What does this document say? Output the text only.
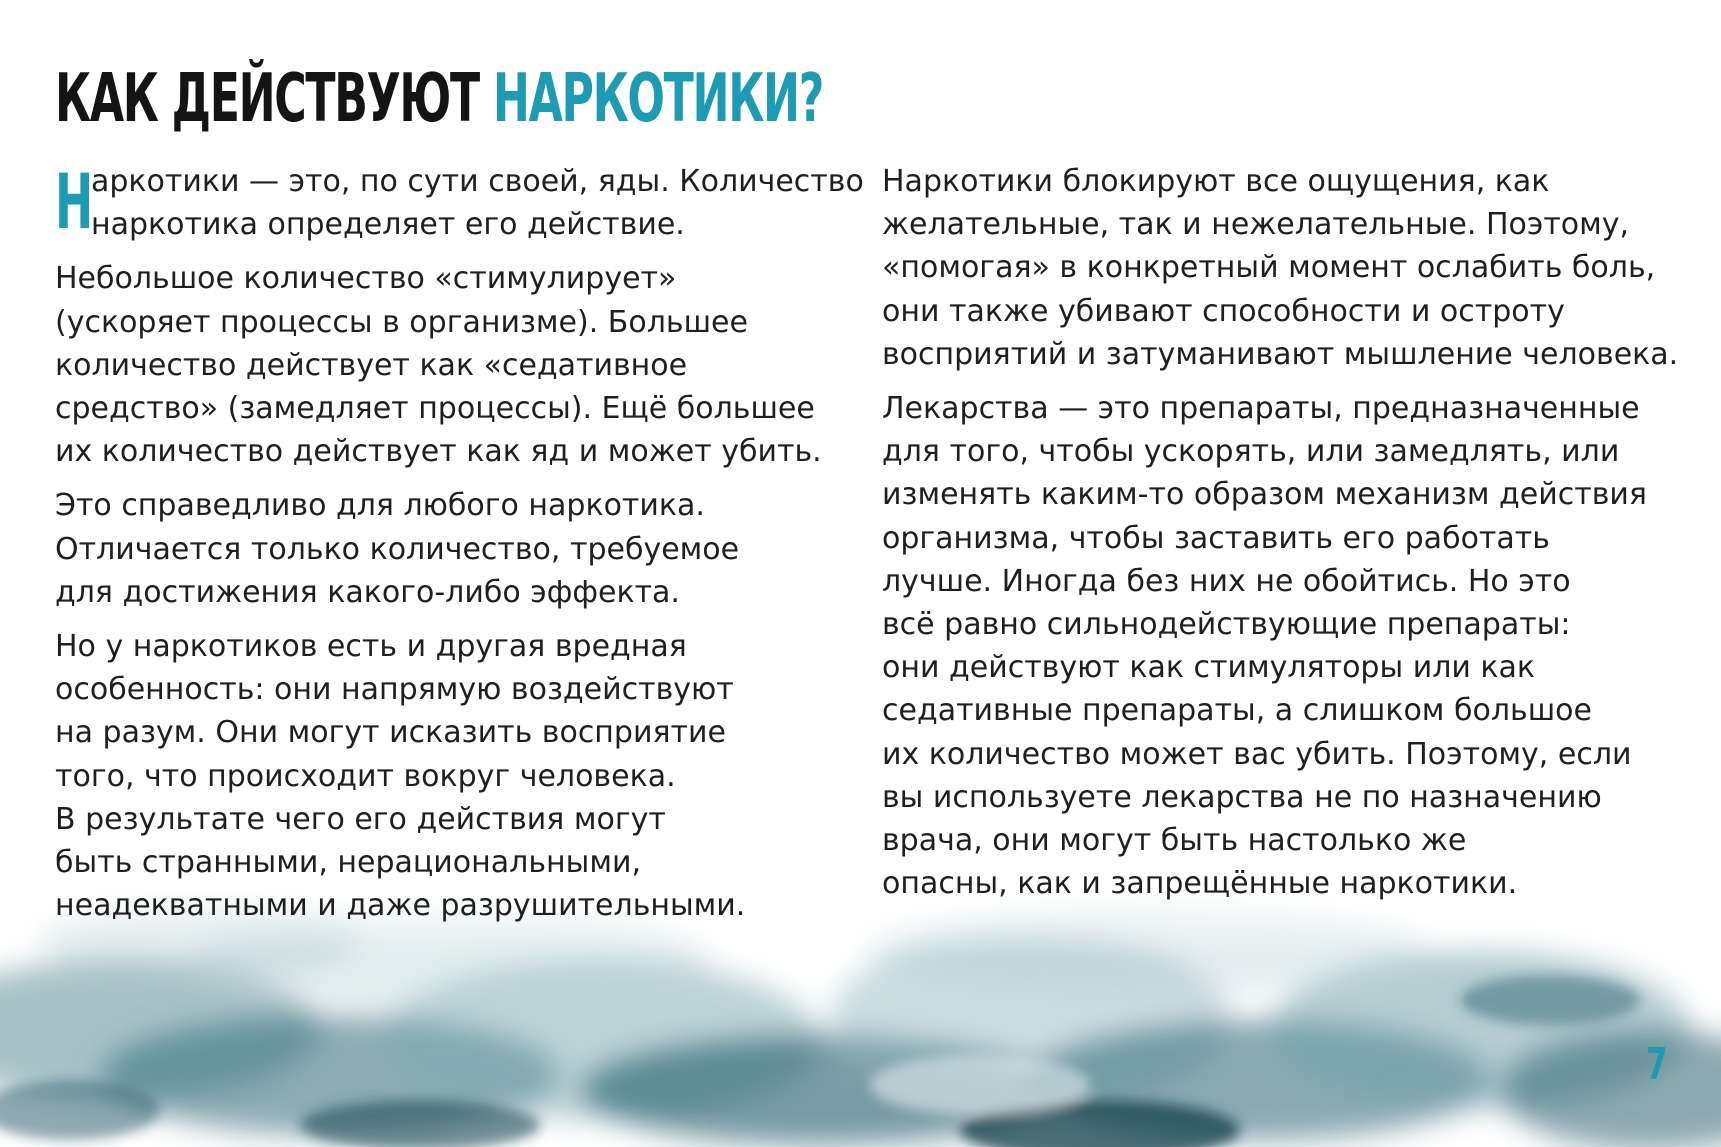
КАК ДЕЙСТВУЮТ НАРКОТИКИ?
Н
аркотики — это, по сути своей, яды. Количество
наркотика определяет его действие.

Небольшое количество «стимулирует»
(ускоряет процессы в организме). Большее
количество действует как «седативное
средство» (замедляет процессы). Ещё большее
их количество действует как яд и может убить.

Это справедливо для любого наркотика.
Отличается только количество, требуемое
для достижения какого-либо эффекта.

Но у наркотиков есть и другая вредная
особенность: они напрямую воздействуют
на разум. Они могут исказить восприятие
того, что происходит вокруг человека.
В результате чего его действия могут
быть странными, нерациональными,
неадекватными и даже разрушительными.

Наркотики блокируют все ощущения, как
желательные, так и нежелательные. Поэтому,
«помогая» в конкретный момент ослабить боль,
они также убивают способности и остроту
восприятий и затуманивают мышление человека.

Лекарства — это препараты, предназначенные
для того, чтобы ускорять, или замедлять, или
изменять каким-то образом механизм действия
организма, чтобы заставить его работать
лучше. Иногда без них не обойтись. Но это
всё равно сильнодействующие препараты:
они действуют как стимуляторы или как
седативные препараты, а слишком большое
их количество может вас убить. Поэтому, если
вы используете лекарства не по назначению
врача, они могут быть настолько же
опасны, как и запрещённые наркотики.

7
